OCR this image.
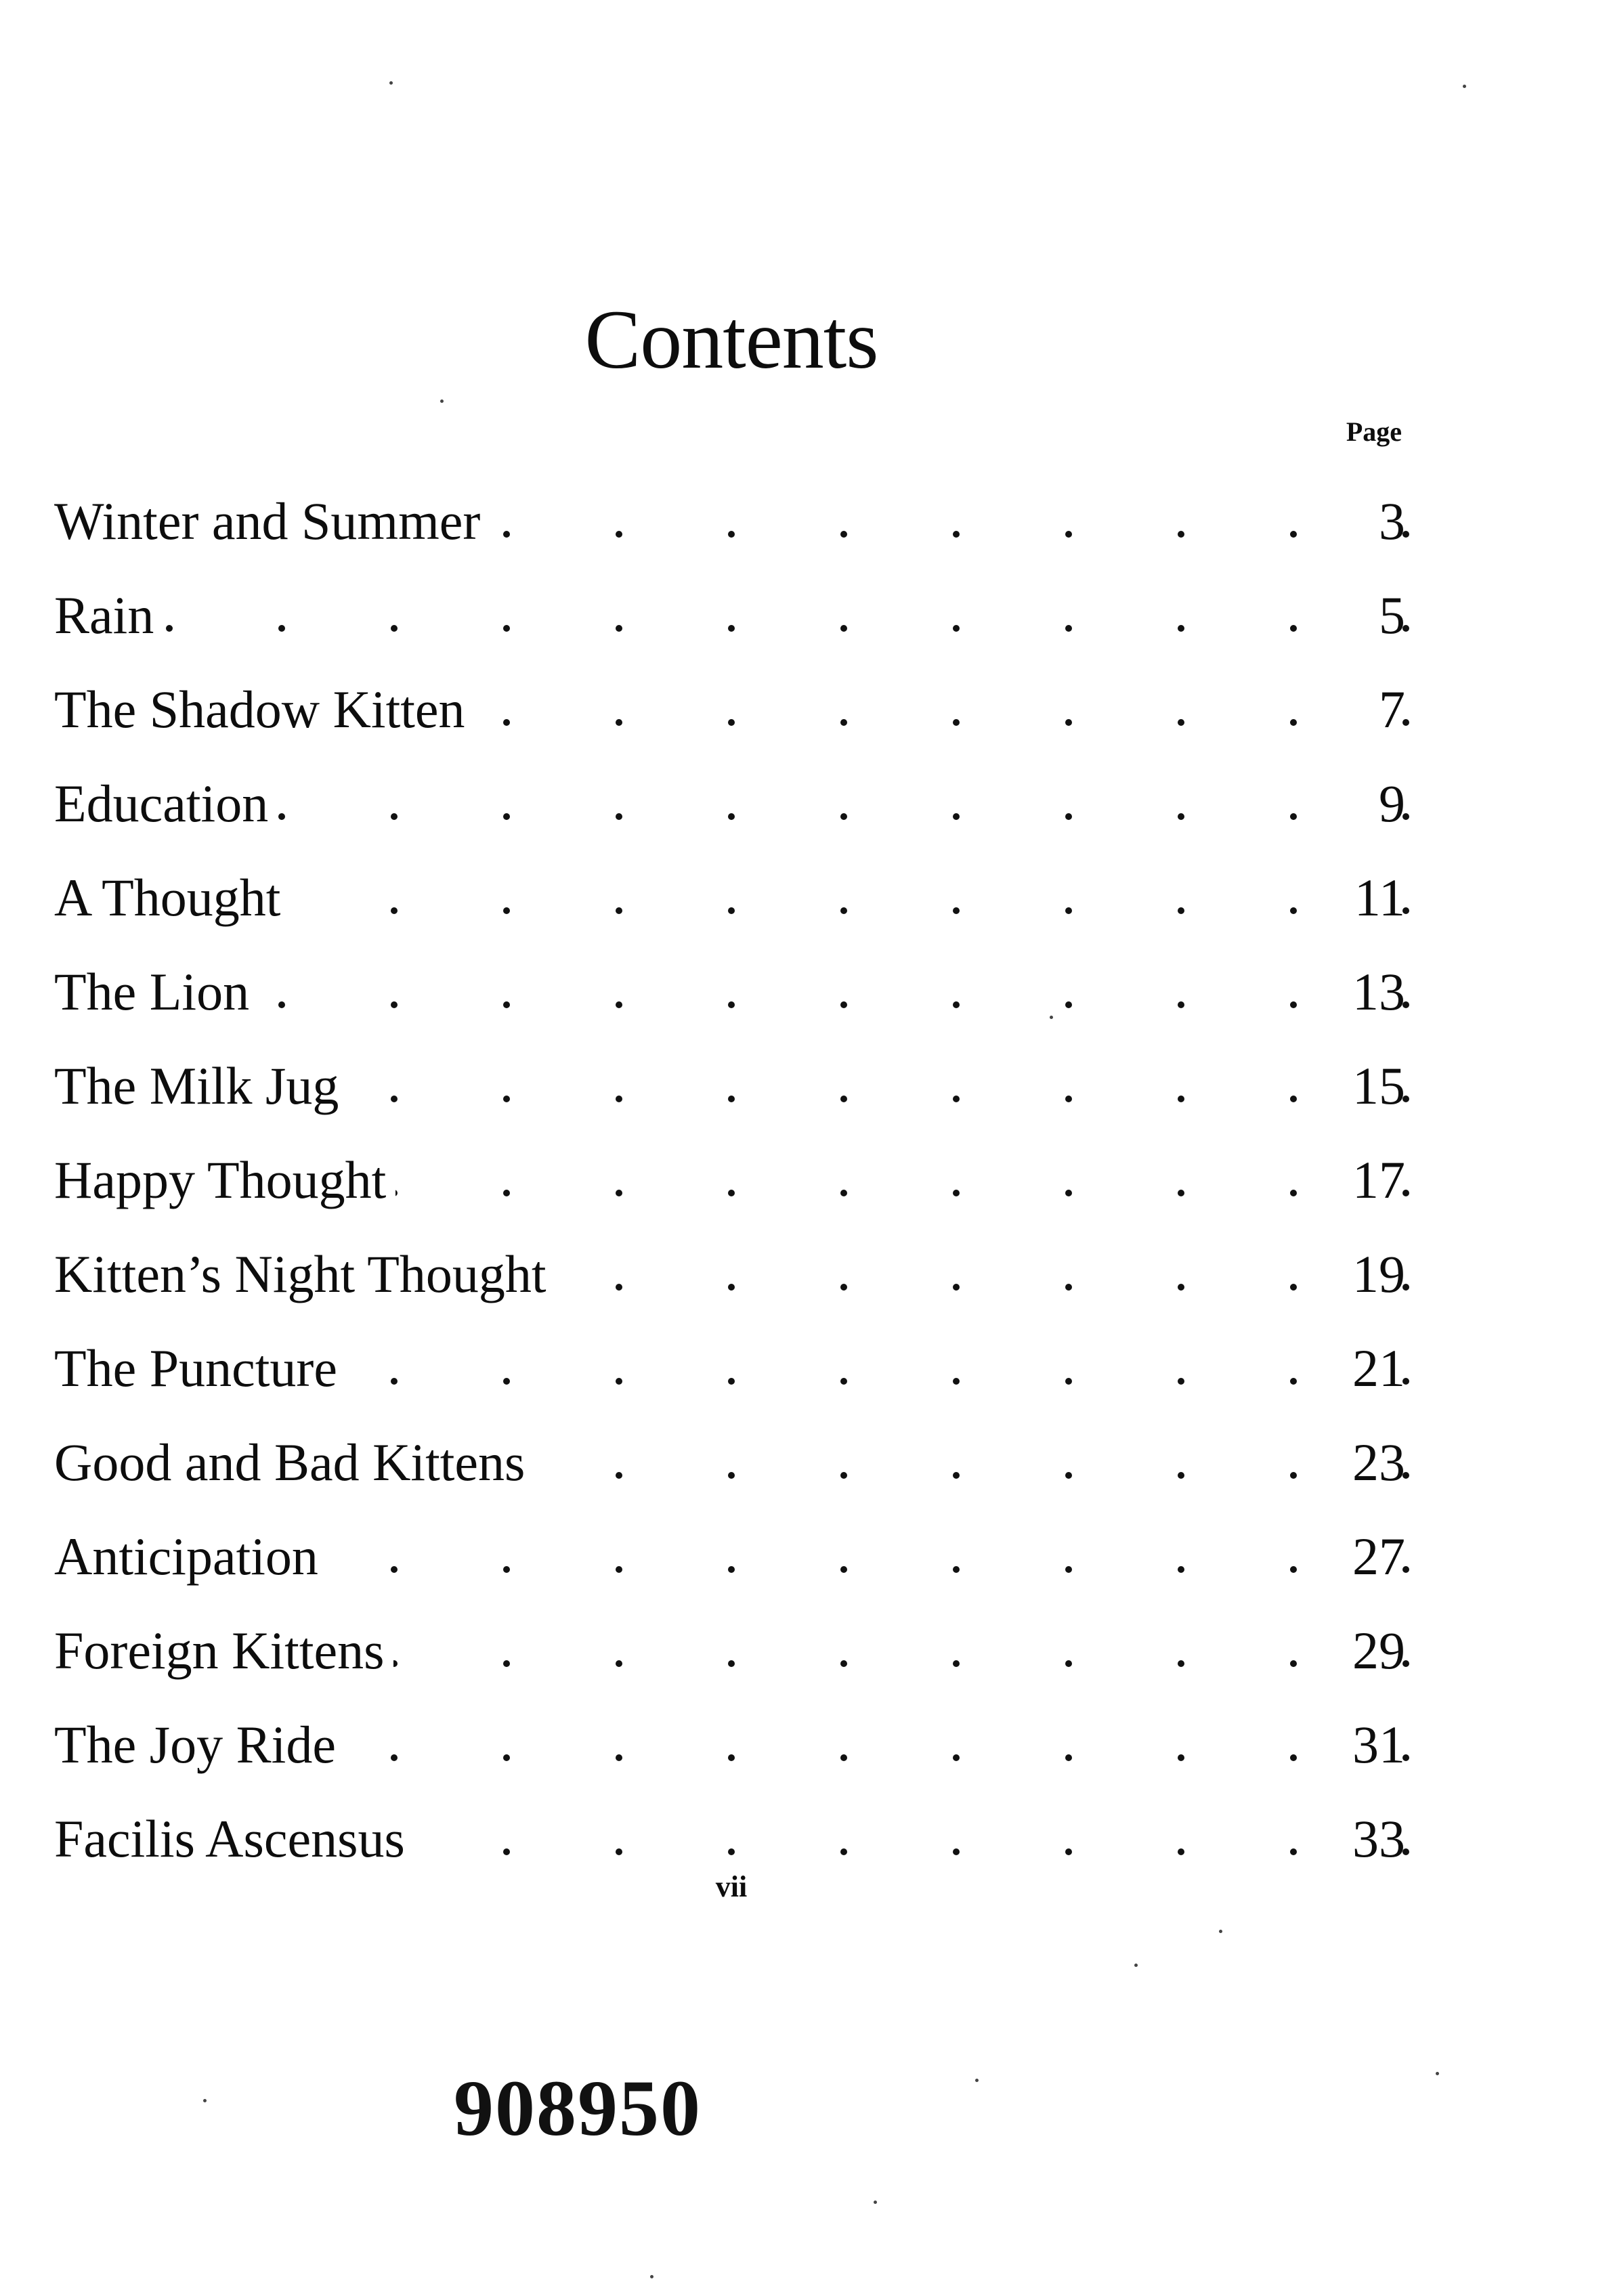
Contents
Page
Winter and Summer	3
Rain	5
The Shadow Kitten	7
Education	9
A Thought	11
The Lion	13
The Milk Jug	15
Happy Thought	17
Kitten’s Night Thought	19
The Puncture	21
Good and Bad Kittens	23
Anticipation	27
Foreign Kittens	29
The Joy Ride	31
Facilis Ascensus	33
vii
908950
